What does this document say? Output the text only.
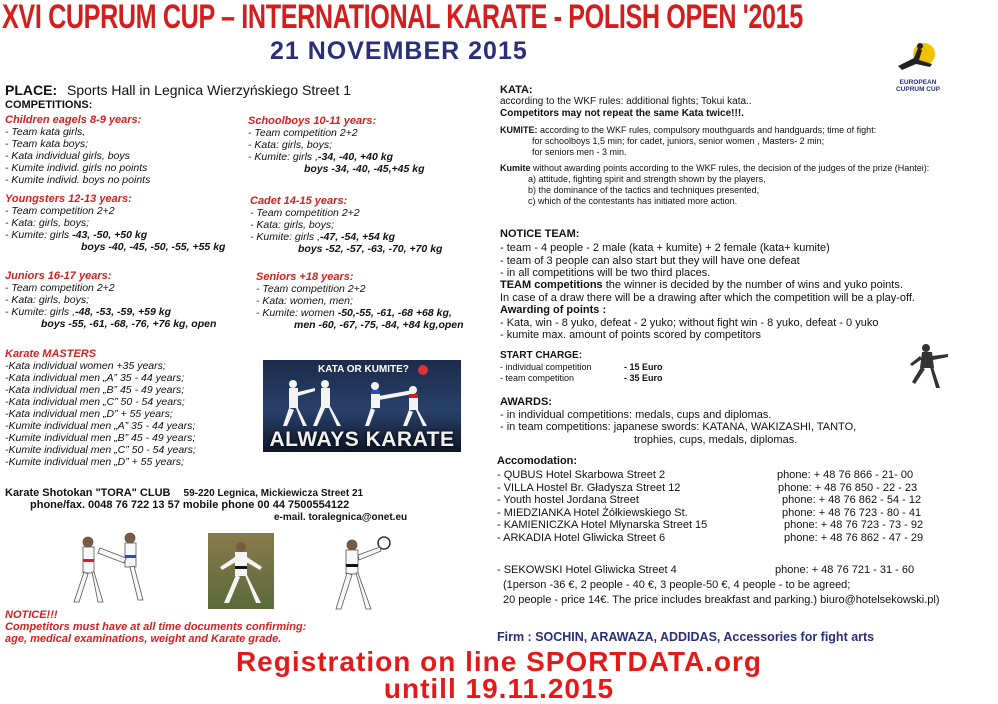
XVI CUPRUM CUP – INTERNATIONAL KARATE - POLISH OPEN '2015
21 NOVEMBER 2015
EUROPEAN
CUPRUM CUP
PLACE: Sports Hall in Legnica Wierzyńskiego Street 1
COMPETITIONS:
Children eagels 8-9 years:
- Team kata girls,
- Team kata boys;
- Kata individual girls, boys
- Kumite individ. girls no points
- Kumite individ. boys no points
Youngsters 12-13 years:
- Team competition 2+2
- Kata: girls, boys;
- Kumite: girls -43, -50, +50 kg
boys -40, -45, -50, -55, +55 kg
Juniors 16-17 years:
- Team competition 2+2
- Kata: girls, boys;
- Kumite: girls ,-48, -53, -59, +59 kg
boys -55, -61, -68, -76, +76 kg, open
Schoolboys 10-11 years:
- Team competition 2+2
- Kata: girls, boys;
- Kumite: girls ,-34, -40, +40 kg
boys -34, -40, -45,+45 kg
Cadet 14-15 years:
- Team competition 2+2
- Kata: girls, boys;
- Kumite: girls ,-47, -54, +54 kg
boys -52, -57, -63, -70, +70 kg
Seniors +18 years:
- Team competition 2+2
- Kata: women, men;
- Kumite: women -50,-55, -61, -68 +68 kg,
men -60, -67, -75, -84, +84 kg,open
Karate MASTERS
-Kata individual women +35 years;
-Kata individual men „A” 35 - 44 years;
-Kata individual men „B” 45 - 49 years;
-Kata individual men „C” 50 - 54 years;
-Kata individual men „D” + 55 years;
-Kumite individual men „A” 35 - 44 years;
-Kumite individual men „B” 45 - 49 years;
-Kumite individual men „C” 50 - 54 years;
-Kumite individual men „D” + 55 years;
KATA OR KUMITE?
ALWAYS KARATE
Karate Shotokan "TORA" CLUB 59-220 Legnica, Mickiewicza Street 21
phone/fax. 0048 76 722 13 57 mobile phone 00 44 7500554122
e-mail. toralegnica@onet.eu
NOTICE!!!
Competitors must have at all time documents confirming:
age, medical examinations, weight and Karate grade.
KATA:
according to the WKF rules: additional fights; Tokui kata..
Competitors may not repeat the same Kata twice!!!.
KUMITE: according to the WKF rules, compulsory mouthguards and handguards; time of fight:
for schoolboys 1,5 min; for cadet, juniors, senior women , Masters- 2 min;
for seniors men - 3 min.
Kumite without awarding points according to the WKF rules, the decision of the judges of the prize (Hantei):
a) attitude, fighting spirit and strength shown by the players,
b) the dominance of the tactics and techniques presented,
c) which of the contestants has initiated more action.
NOTICE TEAM:
- team - 4 people - 2 male (kata + kumite) + 2 female (kata+ kumite)
- team of 3 people can also start but they will have one defeat
- in all competitions will be two third places.
TEAM competitions the winner is decided by the number of wins and yuko points.
In case of a draw there will be a drawing after which the competition will be a play-off.
Awarding of points :
- Kata, win - 8 yuko, defeat - 2 yuko; without fight win - 8 yuko, defeat - 0 yuko
- kumite max. amount of points scored by competitors
START CHARGE:
- individual competition	- 15 Euro
- team competition	- 35 Euro
AWARDS:
- in individual competitions: medals, cups and diplomas.
- in team competitions: japanese swords: KATANA, WAKIZASHI, TANTO,
trophies, cups, medals, diplomas.
Accomodation:
- QUBUS Hotel Skarbowa Street 2	phone: + 48 76 866 - 21- 00
- VILLA Hostel Br. Gładysza Street 12	phone: + 48 76 850 - 22 - 23
- Youth hostel Jordana Street	phone: + 48 76 862 - 54 - 12
- MIEDZIANKA Hotel Żółkiewskiego St.	phone: + 48 76 723 - 80 - 41
- KAMIENICZKA Hotel Młynarska Street 15	phone: + 48 76 723 - 73 - 92
- ARKADIA Hotel Gliwicka Street 6	phone: + 48 76 862 - 47 - 29
- SEKOWSKI Hotel Gliwicka Street 4	phone: + 48 76 721 - 31 - 60
(1person -36 €, 2 people - 40 €, 3 people-50 €, 4 people - to be agreed;
20 people - price 14€. The price includes breakfast and parking.) biuro@hotelsekowski.pl)
Firm : SOCHIN, ARAWAZA, ADDIDAS, Accessories for fight arts
Registration on line SPORTDATA.org
untill 19.11.2015
